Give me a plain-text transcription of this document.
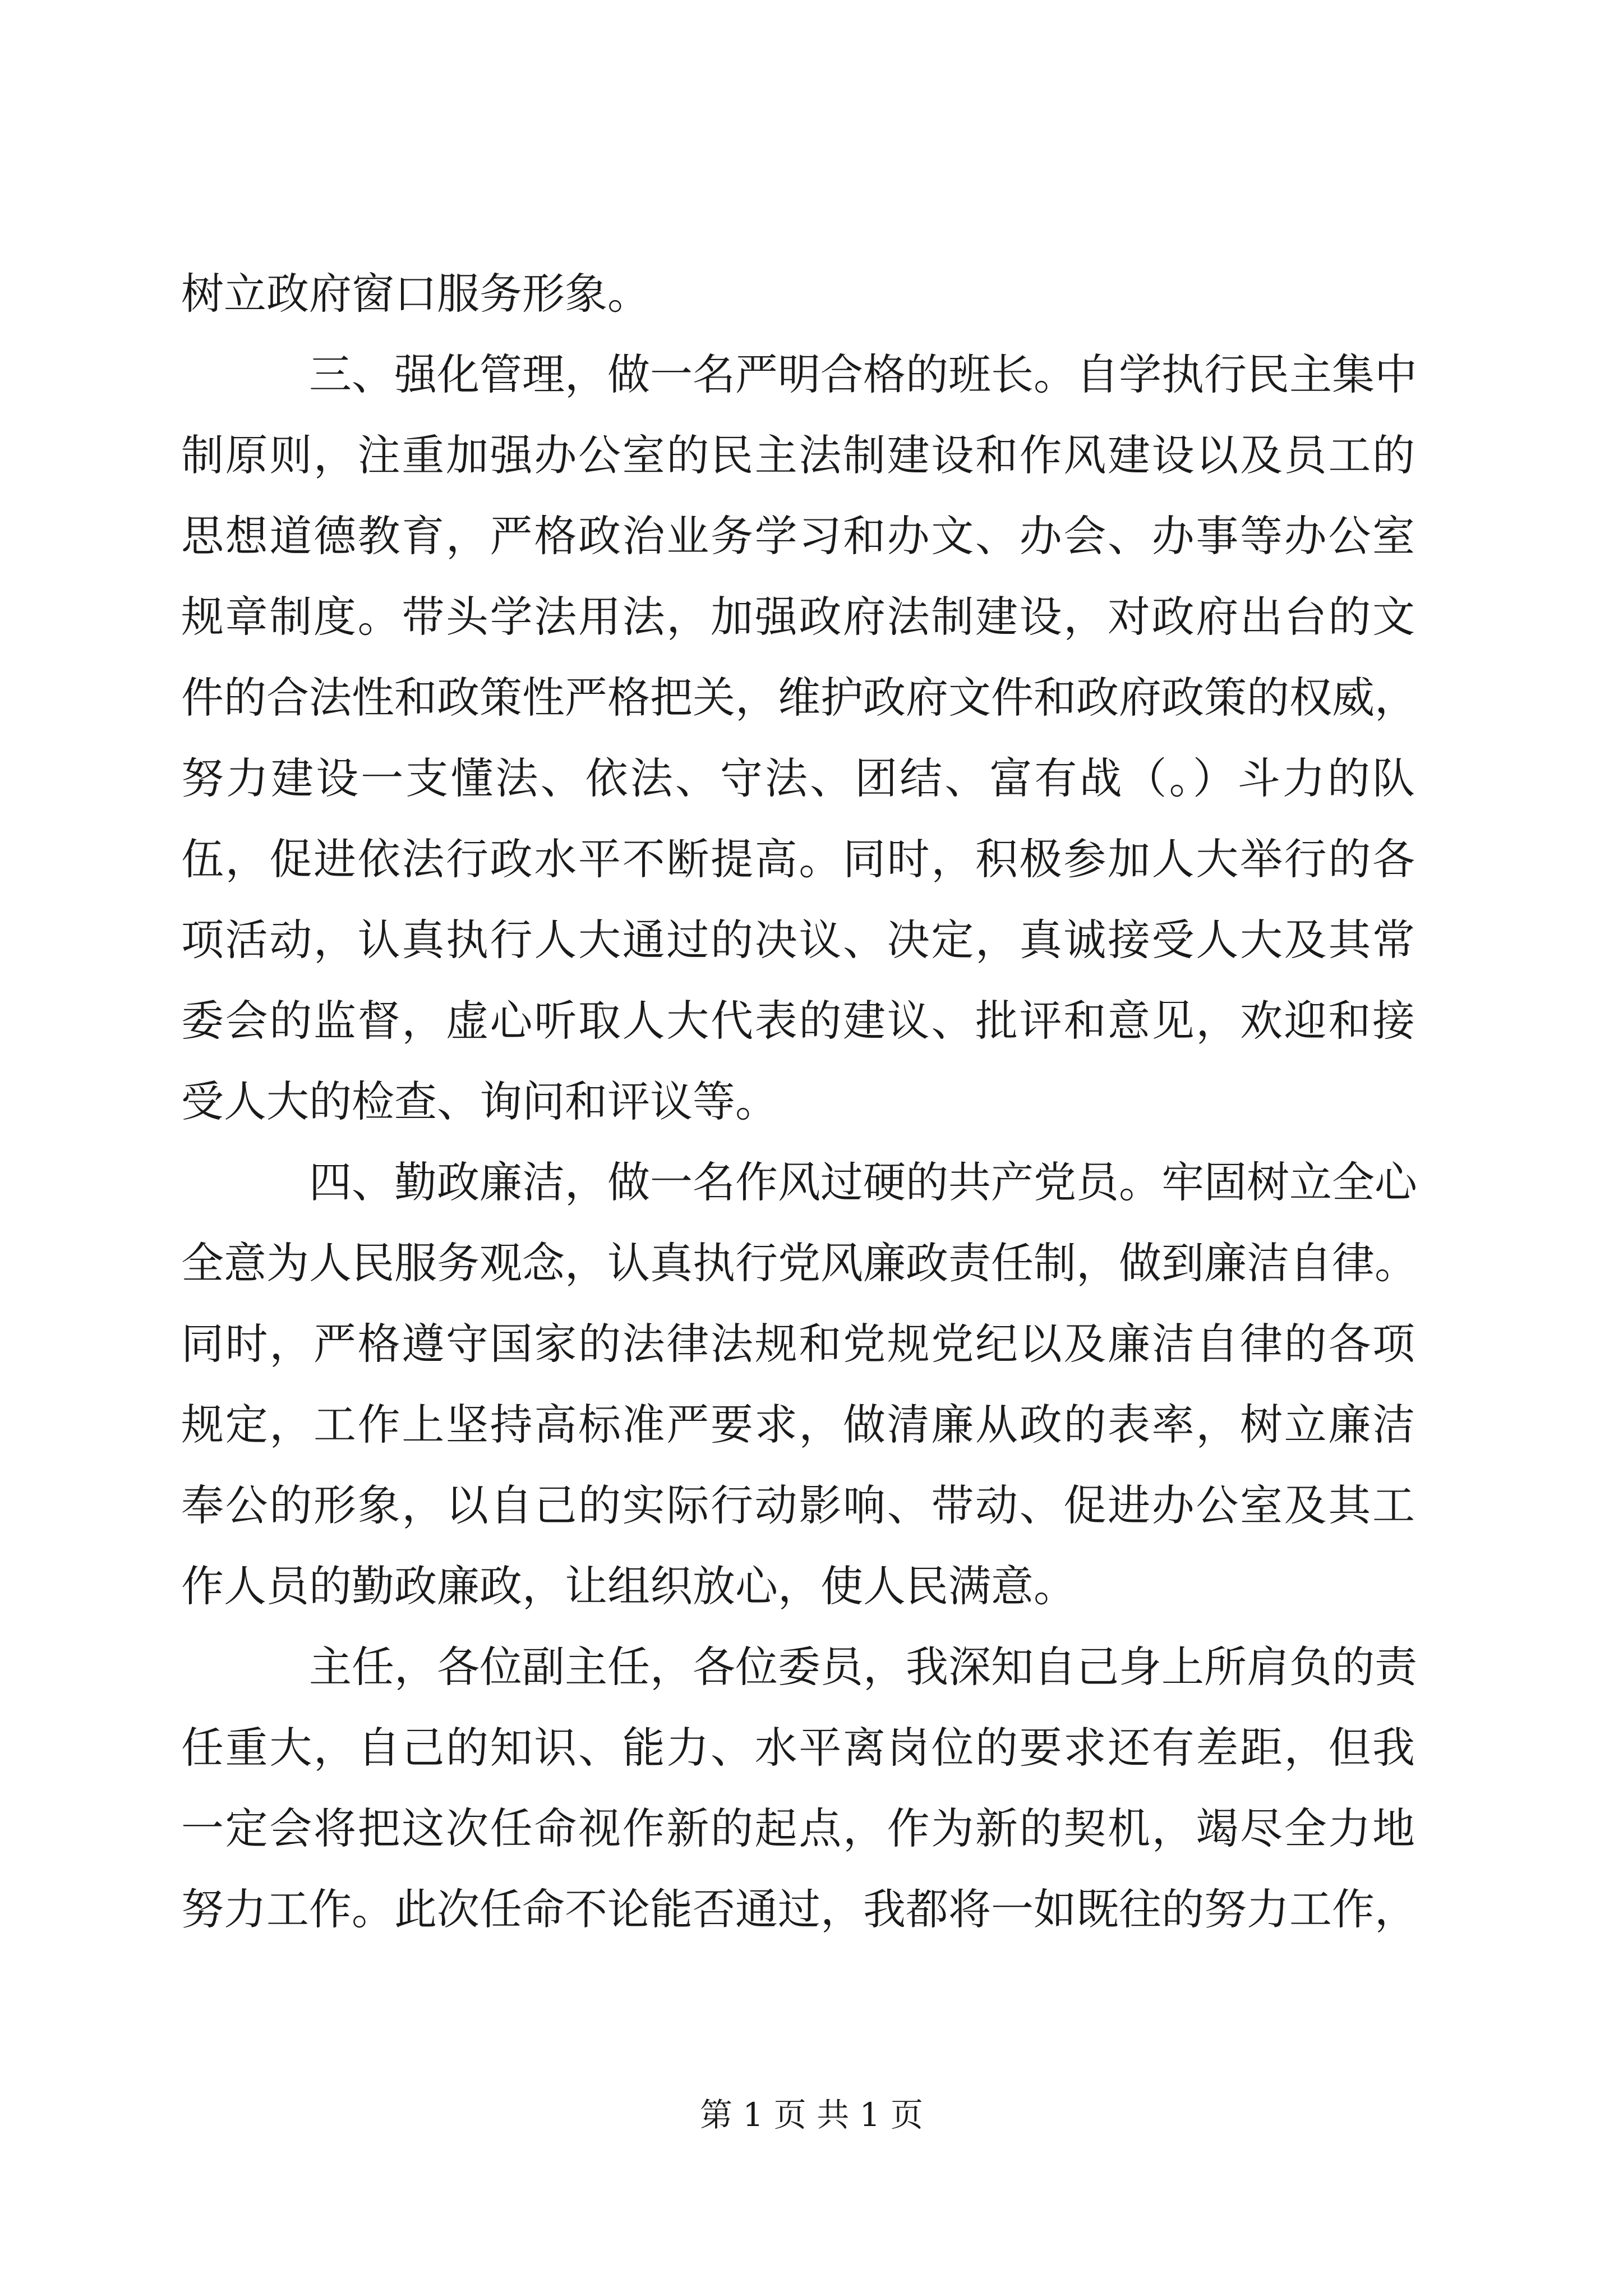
树立政府窗口服务形象。
三、强化管理，做一名严明合格的班长。自学执行民主集中
制原则，注重加强办公室的民主法制建设和作风建设以及员工的
思想道德教育，严格政治业务学习和办文、办会、办事等办公室
规章制度。带头学法用法，加强政府法制建设，对政府出台的文
件的合法性和政策性严格把关，维护政府文件和政府政策的权威，
努力建设一支懂法、依法、守法、团结、富有战（。）斗力的队
伍，促进依法行政水平不断提高。同时，积极参加人大举行的各
项活动，认真执行人大通过的决议、决定，真诚接受人大及其常
委会的监督，虚心听取人大代表的建议、批评和意见，欢迎和接
受人大的检查、询问和评议等。
四、勤政廉洁，做一名作风过硬的共产党员。牢固树立全心
全意为人民服务观念，认真执行党风廉政责任制，做到廉洁自律。
同时，严格遵守国家的法律法规和党规党纪以及廉洁自律的各项
规定，工作上坚持高标准严要求，做清廉从政的表率，树立廉洁
奉公的形象，以自己的实际行动影响、带动、促进办公室及其工
作人员的勤政廉政，让组织放心，使人民满意。
主任，各位副主任，各位委员，我深知自己身上所肩负的责
任重大，自己的知识、能力、水平离岗位的要求还有差距，但我
一定会将把这次任命视作新的起点，作为新的契机，竭尽全力地
努力工作。此次任命不论能否通过，我都将一如既往的努力工作，
第 1 页 共 1 页
